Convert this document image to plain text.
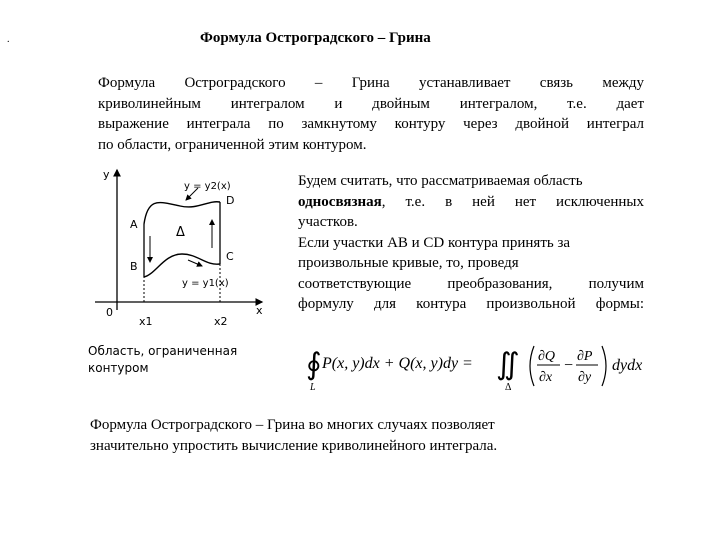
.	Формула Остроградского – Грина
Формула Остроградского – Грина устанавливает связь между
криволинейным интегралом и двойным интегралом, т.е. дает
выражение интеграла по замкнутому контуру через двойной интеграл
по области, ограниченной этим контуром.
y
x
0
y = y2(x)
y = y1(x)
Δ
A
B
C
D
x1	x2
Область, ограниченная
контуром
Будем считать, что рассматриваемая область
односвязная, т.е. в ней нет исключенных
участков.
Если участки AB и CD контура принять за
произвольные кривые, то, проведя
соответствующие преобразования, получим
формулу для контура произвольной формы:
∮
L
P(x, y)dx + Q(x, y)dy = ∬
Δ
∂Q
∂x
−
∂P
∂y
dydx
Формула Остроградского – Грина во многих случаях позволяет
значительно упростить вычисление криволинейного интеграла.
